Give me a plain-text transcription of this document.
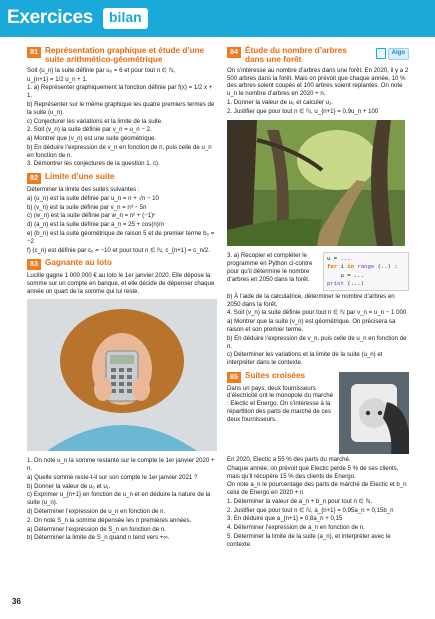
Exercices	bilan
81 Représentation graphique et étude d’une suite arithmético-géométrique
Soit (u_n) la suite définie par u₀ = 6 et pour tout n ∈ ℕ,
u_{n+1} = 1/2 u_n + 1.
1. a) Représenter graphiquement la fonction définie par f(x) = 1/2 x + 1.
b) Représenter sur le même graphique les quatre premiers termes de la suite (u_n).
c) Conjecturer les variations et la limite de la suite.
2. Soit (v_n) la suite définie par v_n = u_n − 2.
a) Montrer que (v_n) est une suite géométrique.
b) En déduire l’expression de v_n en fonction de n, puis celle de u_n en fonction de n.
3. Démontrer les conjectures de la question 1. c).
82 Limite d’une suite
Déterminer la limite des suites suivantes :
a) (u_n) est la suite définie par u_n = n + √n − 10
b) (v_n) est la suite définie par v_n = n³ − 5n
c) (w_n) est la suite définie par w_n = n² + (−1)ⁿ
d) (a_n) est la suite définie par a_n = 25 + cos(n)/n
e) (b_n) est la suite géométrique de raison 5 et de premier terme b₀ = −2
f) (c_n) est définie par c₀ = −10 et pour tout n ∈ ℕ, c_{n+1} = c_n/2.
83 Gagnante au loto
Lucille gagne 1 000 000 € au loto le 1er janvier 2020. Elle dépose la somme sur un compte en banque, et elle décide de dépenser chaque année un quart de la somme qui lui reste.
1. On note u_n la somme restante sur le compte le 1er janvier 2020 + n.
a) Quelle somme reste-t-il sur son compte le 1er janvier 2021 ?
b) Donner la valeur de u₀ et u₁.
c) Exprimer u_{n+1} en fonction de u_n et en déduire la nature de la suite (u_n).
d) Déterminer l’expression de u_n en fonction de n.
2. On note S_n la somme dépensée les n premières années.
a) Déterminer l’expression de S_n en fonction de n.
b) Déterminer la limite de S_n quand n tend vers +∞.
84 Étude du nombre d’arbres dans une forêt
Algo
On s’intéresse au nombre d’arbres dans une forêt. En 2020, il y a 2 500 arbres dans la forêt. Mais on prévoit que chaque année, 10 % des arbres soient coupés et 100 arbres soient replantés. On note u_n le nombre d’arbres en 2020 + n.
1. Donner la valeur de u₀ et calculer u₁.
2. Justifier que pour tout n ∈ ℕ, u_{n+1} = 0,9u_n + 100
u = ...
for i in range (..) :
u = ...
print (...)
3. a) Recopier et compléter le programme en Python ci-contre pour qu’il détermine le nombre d’arbres en 2050 dans la forêt.
b) À l’aide de la calculatrice, déterminer le nombre d’arbres en 2050 dans la forêt.
4. Soit (v_n) la suite définie pour tout n ∈ ℕ par v_n = u_n − 1 000
a) Montrer que la suite (v_n) est géométrique. On précisera sa raison et son premier terme.
b) En déduire l’expression de v_n, puis celle de u_n en fonction de n.
c) Déterminer les variations et la limite de la suite (u_n) et interpréter dans le contexte.
85 Suites croisées
Dans un pays, deux fournisseurs d’électricité ont le monopole du marché : Electic et Energo. On s’intéresse à la répartition des parts de marché de ces deux fournisseurs.
En 2020, Electic a 55 % des parts du marché.
Chaque année, on prévoit que Electic perde 5 % de ses clients, mais qu’il récupère 15 % des clients de Energo.
On note a_n le pourcentage des parts de marché de Electic et b_n celui de Energo en 2020 + n
1. Déterminer la valeur de a_n + b_n pour tout n ∈ ℕ.
2. Justifier que pour tout n ∈ ℕ, a_{n+1} = 0,95a_n + 0,15b_n
3. En déduire que a_{n+1} = 0,8a_n + 0,15
4. Déterminer l’expression de a_n en fonction de n.
5. Déterminer la limite de la suite (a_n), et interpréter avec le contexte.
36
